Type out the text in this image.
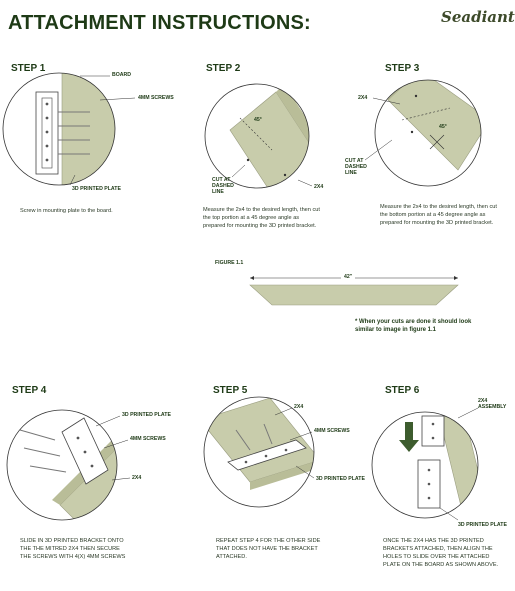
ATTACHMENT INSTRUCTIONS:	Seadiant
STEP 1	STEP 2	STEP 3
STEP 4	STEP 5	STEP 6
BOARD
4MM SCREWS
3D PRINTED PLATE
Screw in mounting plate to the board.
45°
CUT AT DASHED LINE
2X4
Measure the 2x4 to the desired length, then cut the top portion at a 45 degree angle as prepared for mounting the 3D printed bracket.
2X4
45°
CUT AT DASHED LINE
Measure the 2x4 to the desired length, then cut the bottom portion at a 45 degree angle as prepared for mounting the 3D printed bracket.
FIGURE 1.1
42"
* When your cuts are done it should look similar to image in figure 1.1
3D PRINTED PLATE
4MM SCREWS
2X4
SLIDE IN 3D PRINTED BRACKET ONTO THE THE MITRED 2X4 THEN SECURE THE SCREWS WITH 4(X) 4MM SCREWS
2X4
4MM SCREWS
3D PRINTED PLATE
REPEAT STEP 4 FOR THE OTHER SIDE THAT DOES NOT HAVE THE BRACKET ATTACHED.
2X4 ASSEMBLY
3D PRINTED PLATE
ONCE THE 2X4 HAS THE 3D PRINTED BRACKETS ATTACHED, THEN ALIGN THE HOLES TO SLIDE OVER THE ATTACHED PLATE ON THE BOARD AS SHOWN ABOVE.
